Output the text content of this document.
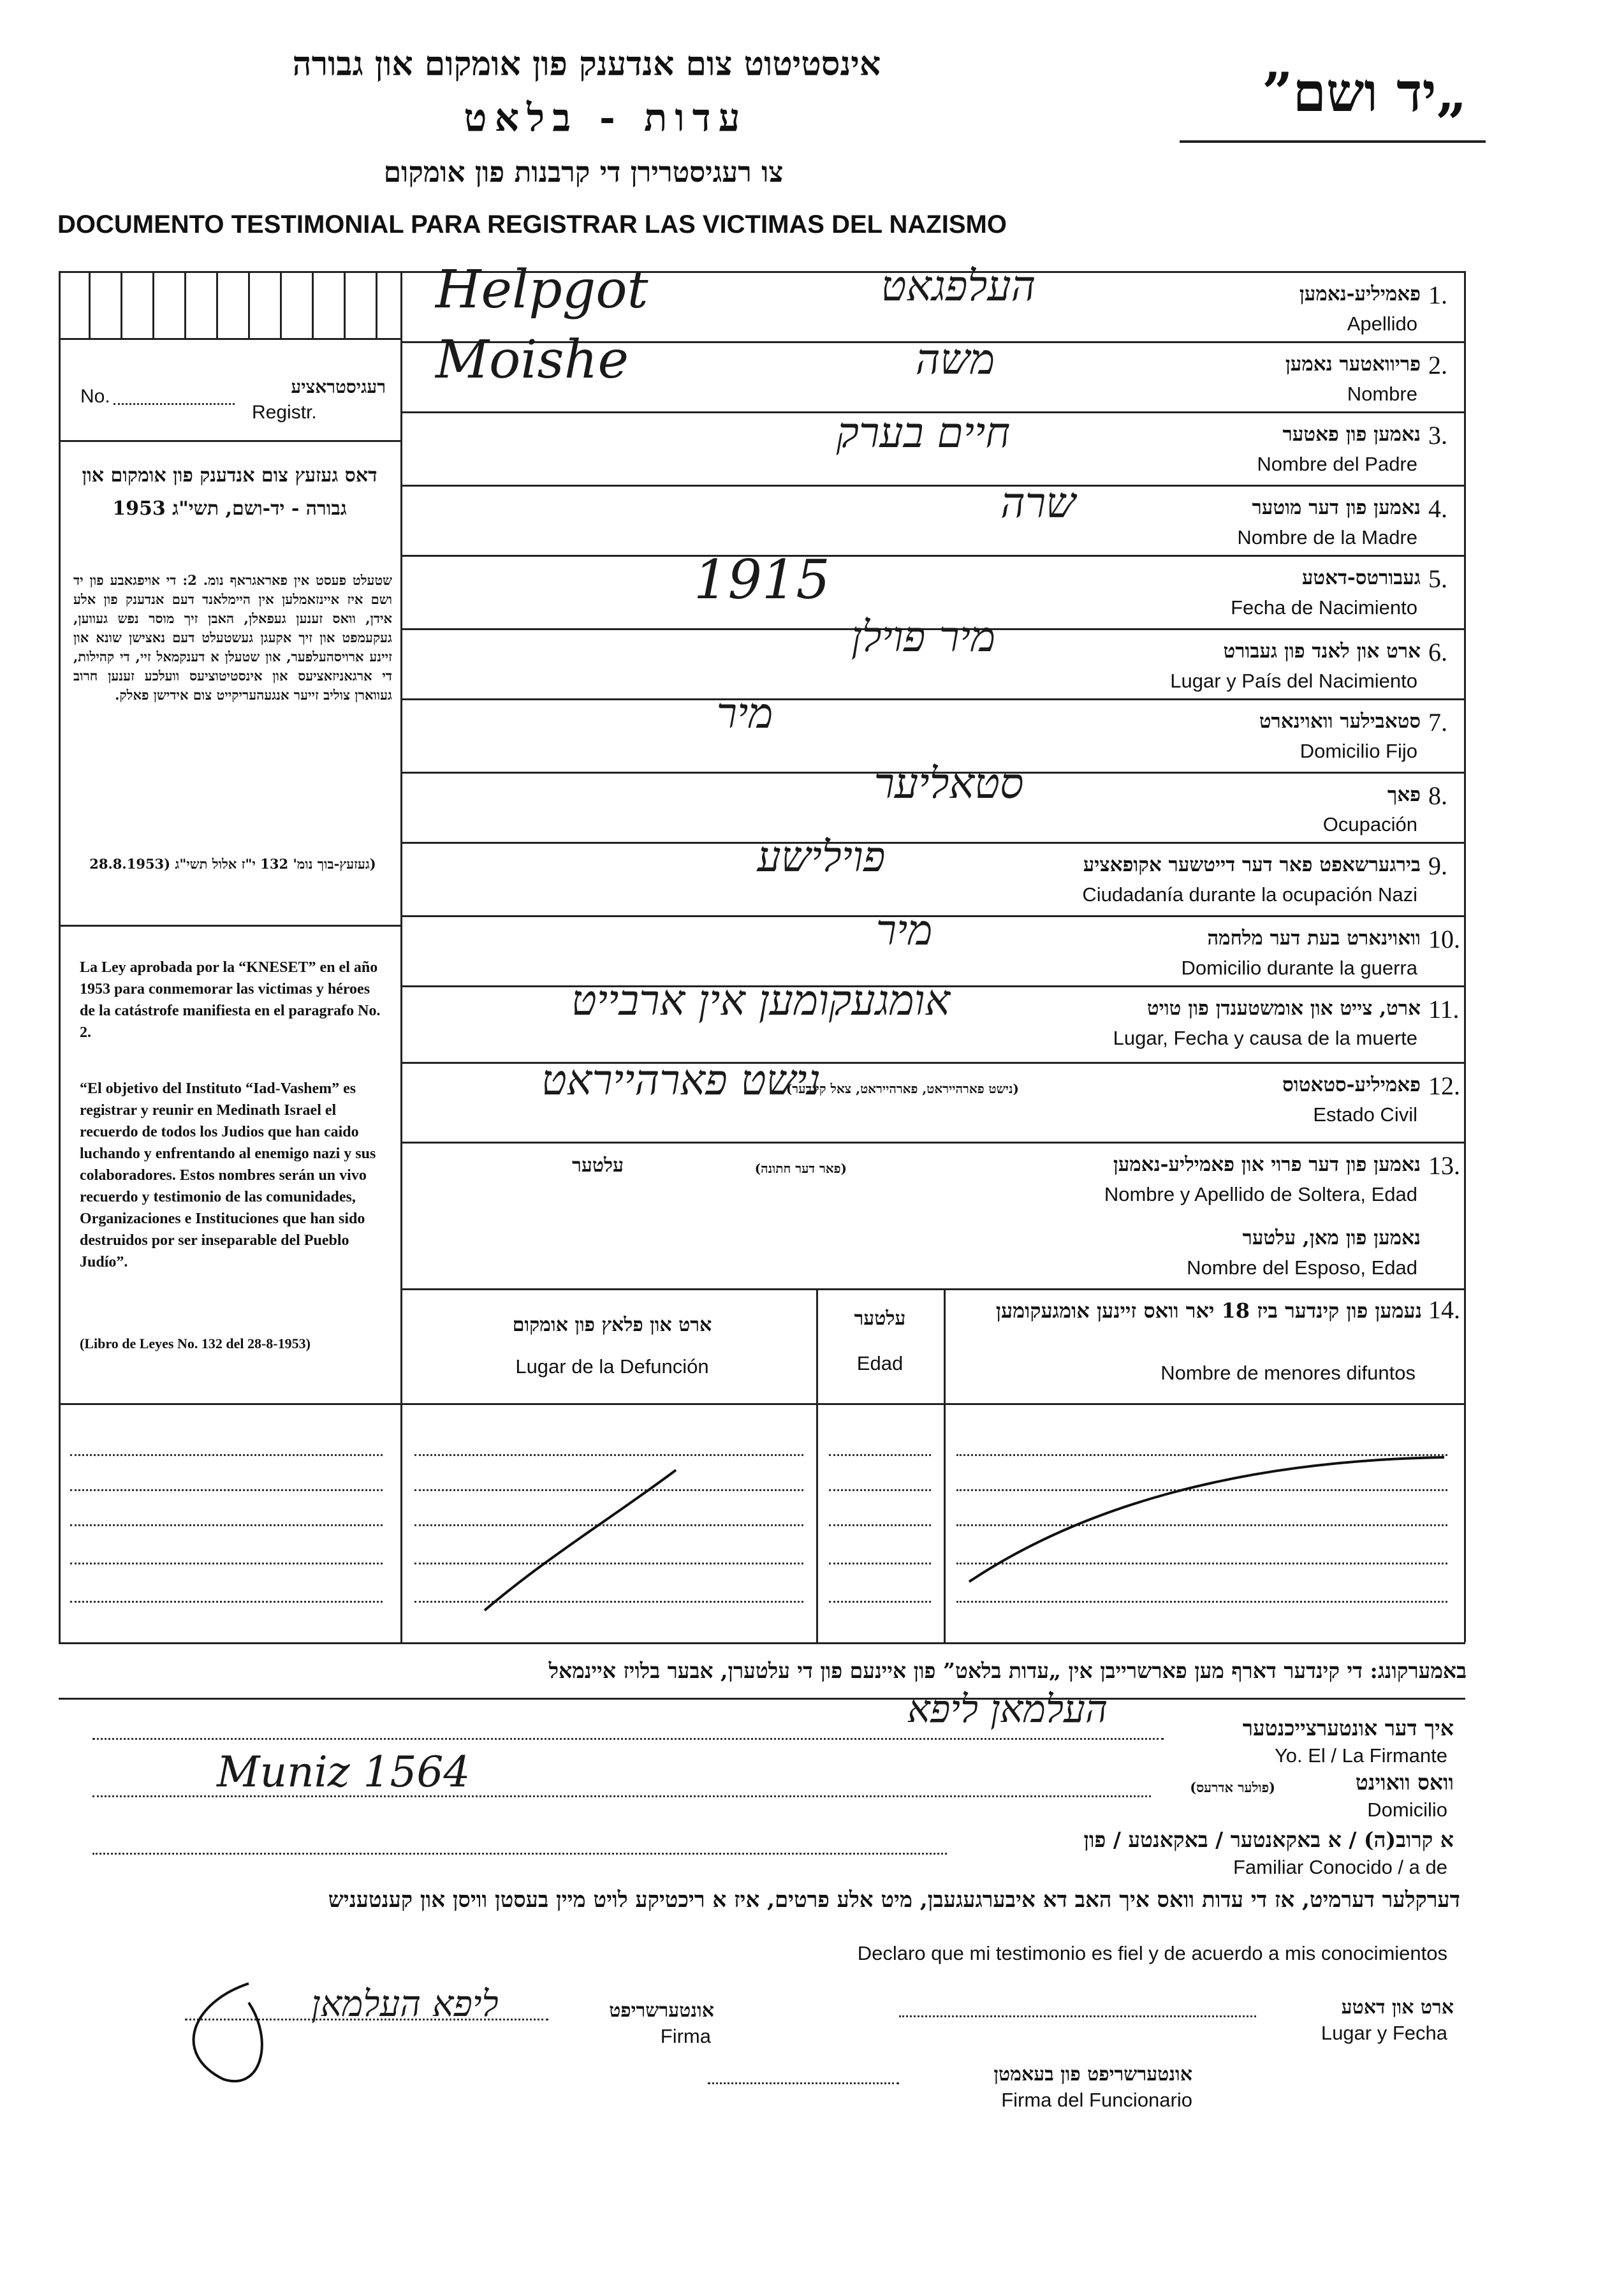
אינסטיטוט צום אנדענק פון אומקום און גבורה
עדות - בלאט
צו רעגיסטרירן די קרבנות פון אומקום
DOCUMENTO TESTIMONIAL PARA REGISTRAR LAS VICTIMAS DEL NAZISMO
„יד ושם”
רעגיסטראציע
No.
Registr.
דאס געזעץ צום אנדענק פון אומקום און גבורה - יד-ושם, תשי"ג 1953
שטעלט פעסט אין פאראגראף נומ. 2: די אויפגאבע פון יד ושם איז איינזאמלען אין היימלאנד דעם אנדענק פון אלע אידן, וואס זענען געפאלן, האבן זיך מוסר נפש געווען, געקעמפט און זיך אקעגן געשטעלט דעם נאצישן שונא און זיינע ארויסהעלפער, און שטעלן א דענקמאל זיי, די קהילות, די ארגאניזאציעס און אינסטיטוציעס וועלכע זענען חרוב געווארן צוליב זייער אנגעהעריקייט צום אידישן פאלק.
(געזעץ-בוך נומ' 132 י"ז אלול תשי"ג (28.8.1953
La Ley aprobada por la “KNESET” en el año 1953 para conmemorar las victimas y héroes de la catástrofe manifiesta en el paragrafo No. 2.
“El objetivo del Instituto “Iad-Vashem” es registrar y reunir en Medinath Israel el recuerdo de todos los Judios que han caido luchando y enfrentando al enemigo nazi y sus colaboradores. Estos nombres serán un vivo recuerdo y testimonio de las comunidades, Organizaciones e Instituciones que han sido destruidos por ser inseparable del Pueblo Judío”.
(Libro de Leyes No. 132 del 28-8-1953)
1.
פאמיליע-נאמען
Apellido
Helpgot	העלפגאט
2.
פריוואטער נאמען
Nombre
Moishe	משה
3.
נאמען פון פאטער
Nombre del Padre
חיים בערק
4.
נאמען פון דער מוטער
Nombre de la Madre
שרה
5.
געבורטס-דאטע
Fecha de Nacimiento
1915
6.
ארט און לאנד פון געבורט
Lugar y País del Nacimiento
מיר פוילן
7.
סטאבילער וואוינארט
Domicilio Fijo
מיר
8.
פאך
Ocupación
סטאליער
9.
בירגערשאפט פאר דער דייטשער אקופאציע
Ciudadanía durante la ocupación Nazi
פוילישע
10.
וואוינארט בעת דער מלחמה
Domicilio durante la guerra
מיר
11.
ארט, צייט און אומשטענדן פון טויט
Lugar, Fecha y causa de la muerte
אומגעקומען אין ארבייט
12.
פאמיליע-סטאטוס
Estado Civil
(נישט פארהייראט, פארהייראט, צאל קינדער)
נישט פארהייראט
13.
נאמען פון דער פרוי און פאמיליע-נאמען
Nombre y Apellido de Soltera, Edad
(פאר דער חתונה)
עלטער
נאמען פון מאן, עלטער
Nombre del Esposo, Edad
14.
נעמען פון קינדער ביז 18 יאר וואס זיינען אומגעקומען
Nombre de menores difuntos
עלטער
Edad
ארט און פלאץ פון אומקום
Lugar de la Defunción
באמערקונג: די קינדער דארף מען פארשרייבן אין „עדות בלאט” פון איינעם פון די עלטערן, אבער בלויז איינמאל
איך דער אונטערצייכנטער
Yo. El / La Firmante
העלמאן ליפא
וואס וואוינט
(פולער אדרעס)
Domicilio
Muniz 1564
א קרוב(ה) / א באקאנטער / באקאנטע / פון
Familiar Conocido / a de
דערקלער דערמיט, אז די עדות וואס איך האב דא איבערגעגעבן, מיט אלע פרטים, איז א ריכטיקע לויט מיין בעסטן וויסן און קענטעניש
Declaro que mi testimonio es fiel y de acuerdo a mis conocimientos
ארט און דאטע
Lugar y Fecha
אונטערשריפט
Firma
ליפא העלמאן
אונטערשריפט פון בעאמטן
Firma del Funcionario
